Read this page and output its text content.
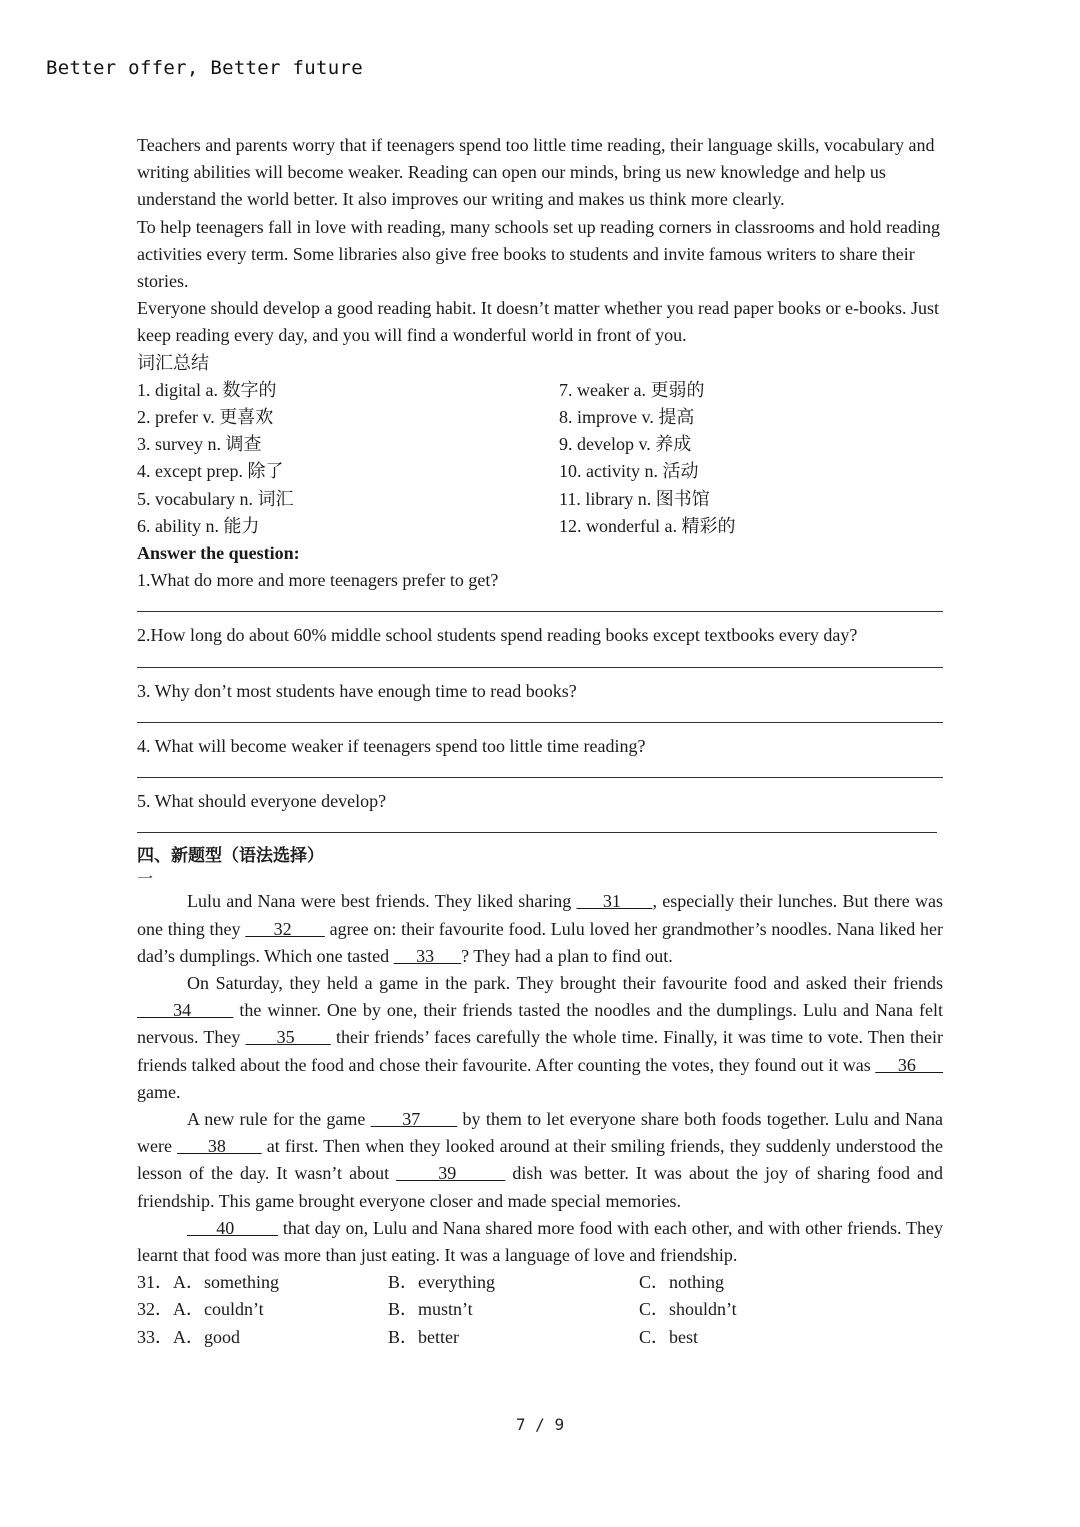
Better offer, Better future

Teachers and parents worry that if teenagers spend too little time reading, their language skills, vocabulary and writing abilities will become weaker. Reading can open our minds, bring us new knowledge and help us understand the world better. It also improves our writing and makes us think more clearly.

To help teenagers fall in love with reading, many schools set up reading corners in classrooms and hold reading activities every term. Some libraries also give free books to students and invite famous writers to share their stories.

Everyone should develop a good reading habit. It doesn’t matter whether you read paper books or e-books. Just keep reading every day, and you will find a wonderful world in front of you.

词汇总结
1. digital a. 数字的	7. weaker a. 更弱的
2. prefer v. 更喜欢	8. improve v. 提高
3. survey n. 调查	9. develop v. 养成
4. except prep. 除了	10. activity n. 活动
5. vocabulary n. 词汇	11. library n. 图书馆
6. ability n. 能力	12. wonderful a. 精彩的
Answer the question:
1.What do more and more teenagers prefer to get?
2.How long do about 60% middle school students spend reading books except textbooks every day?
3. Why don’t most students have enough time to read books?
4. What will become weaker if teenagers spend too little time reading?
5. What should everyone develop?
四、新题型（语法选择）
一

Lulu and Nana were best friends. They liked sharing      31      , especially their lunches. But there was one thing they       32        agree on: their favourite food. Lulu loved her grandmother’s noodles. Nana liked her dad’s dumplings. Which one tasted      33      ? They had a plan to find out.

On Saturday, they held a game in the park. They brought their favourite food and asked their friends       34        the winner. One by one, their friends tasted the noodles and the dumplings. Lulu and Nana felt nervous. They       35        their friends’ faces carefully the whole time. Finally, it was time to vote. Then their friends talked about the food and chose their favourite. After counting the votes, they found out it was      36       game.

A new rule for the game       37        by them to let everyone share both foods together. Lulu and Nana were       38        at first. Then when they looked around at their smiling friends, they suddenly understood the lesson of the day. It wasn’t about       39        dish was better. It was about the joy of sharing food and friendship. This game brought everyone closer and made special memories.

40          that day on, Lulu and Nana shared more food with each other, and with other friends. They learnt that food was more than just eating. It was a language of love and friendship.

31．A．something	B．everything	C．nothing
32．A．couldn’t	B．mustn’t	C．shouldn’t
33．A．good	B．better	C．best
7 / 9
